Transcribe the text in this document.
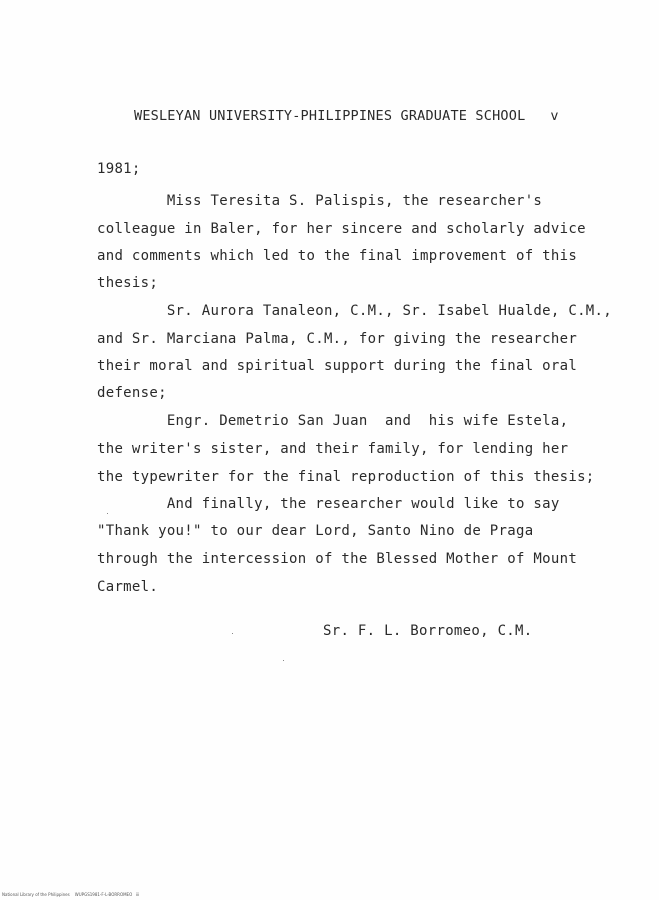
WESLEYAN UNIVERSITY-PHILIPPINES GRADUATE SCHOOL   v
1981;
Miss Teresita S. Palispis, the researcher's
colleague in Baler, for her sincere and scholarly advice
and comments which led to the final improvement of this
thesis;
Sr. Aurora Tanaleon, C.M., Sr. Isabel Hualde, C.M.,
and Sr. Marciana Palma, C.M., for giving the researcher
their moral and spiritual support during the final oral
defense;
Engr. Demetrio San Juan  and  his wife Estela,
the writer's sister, and their family, for lending her
the typewriter for the final reproduction of this thesis;
And finally, the researcher would like to say
"Thank you!" to our dear Lord, Santo Nino de Praga
through the intercession of the Blessed Mother of Mount
Carmel.
Sr. F. L. Borromeo, C.M.
National Library of the Philippines    WUPGS1981-F-L-BORROMEO   iii
